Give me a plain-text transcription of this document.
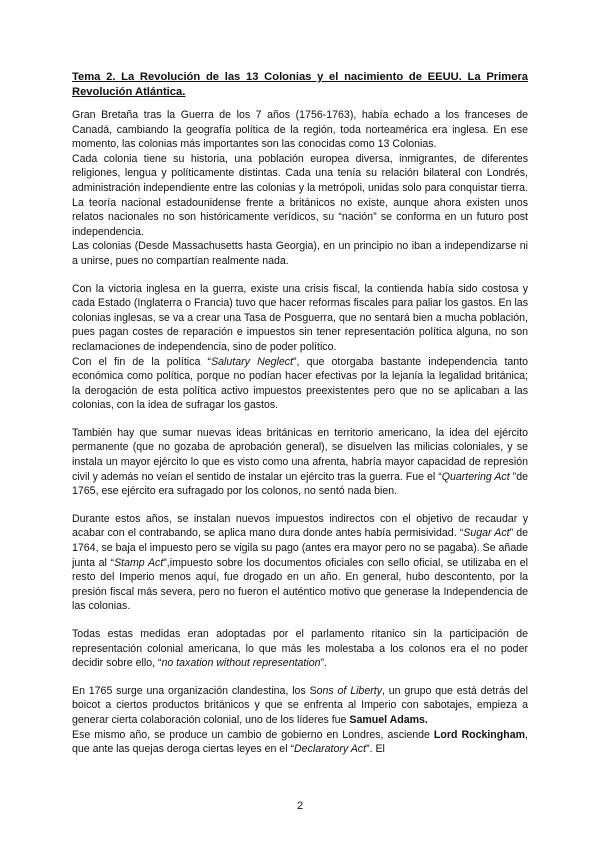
Tema 2. La Revolución de las 13 Colonias y el nacimiento de EEUU. La Primera Revolución Atlántica.

Gran Bretaña tras la Guerra de los 7 años (1756-1763), había echado a los franceses de Canadá, cambiando la geografía política de la región, toda norteamérica era inglesa. En ese momento, las colonias más importantes son las conocidas como 13 Colonias.

Cada colonia tiene su historia, una población europea diversa, inmigrantes, de diferentes religiones, lengua y políticamente distintas. Cada una tenía su relación bilateral con Londrés, administración independiente entre las colonias y la metrópoli, unidas solo para conquistar tierra. La teoría nacional estadounidense frente a británicos no existe, aunque ahora existen unos relatos nacionales no son históricamente verídicos, su “nación” se conforma en un futuro post independencia.

Las colonias (Desde Massachusetts hasta Georgia), en un principio no iban a independizarse ni a unirse, pues no compartían realmente nada.

Con la victoria inglesa en la guerra, existe una crisis fiscal, la contienda había sido costosa y cada Estado (Inglaterra o Francia) tuvo que hacer reformas fiscales para paliar los gastos. En las colonias inglesas, se va a crear una Tasa de Posguerra, que no sentará bien a mucha población, pues pagan costes de reparación e impuestos sin tener representación política alguna, no son reclamaciones de independencia, sino de poder político.

Con el fin de la política “Salutary Neglect”, que otorgaba bastante independencia tanto económica como política, porque no podían hacer efectivas por la lejanía la legalidad británica; la derogación de esta política activo impuestos preexistentes pero que no se aplicaban a las colonias, con la idea de sufragar los gastos.

También hay que sumar nuevas ideas británicas en territorio americano, la idea del ejército permanente (que no gozaba de aprobación general), se disuelven las milicias coloniales, y se instala un mayor ejército lo que es visto como una afrenta, habría mayor capacidad de represión civil y además no veían el sentido de instalar un ejército tras la guerra. Fue el “Quartering Act ”de 1765, ese ejército era sufragado por los colonos, no sentó nada bien.

Durante estos años, se instalan nuevos impuestos indirectos con el objetivo de recaudar y acabar con el contrabando, se aplica mano dura donde antes había permisividad. “Sugar Act” de 1764, se baja el impuesto pero se vigila su pago (antes era mayor pero no se pagaba). Se añade junta al “Stamp Act”,impuesto sobre los documentos oficiales con sello oficial, se utilizaba en el resto del Imperio menos aquí, fue drogado en un año. En general, hubo descontento, por la presión fiscal más severa, pero no fueron el auténtico motivo que generase la Independencia de las colonias.

Todas estas medidas eran adoptadas por el parlamento ritanico sin la participación de representación colonial americana, lo que más les molestaba a los colonos era el no poder decidir sobre ello, “no taxation without representation”.

En 1765 surge una organización clandestina, los Sons of Liberty, un grupo que está detrás del boicot a ciertos productos británicos y que se enfrenta al Imperio con sabotajes, empieza a generar cierta colaboración colonial, uno de los líderes fue Samuel Adams.

Ese mismo año, se produce un cambio de gobierno en Londres, asciende Lord Rockingham, que ante las quejas deroga ciertas leyes en el “Declaratory Act”. El

2
